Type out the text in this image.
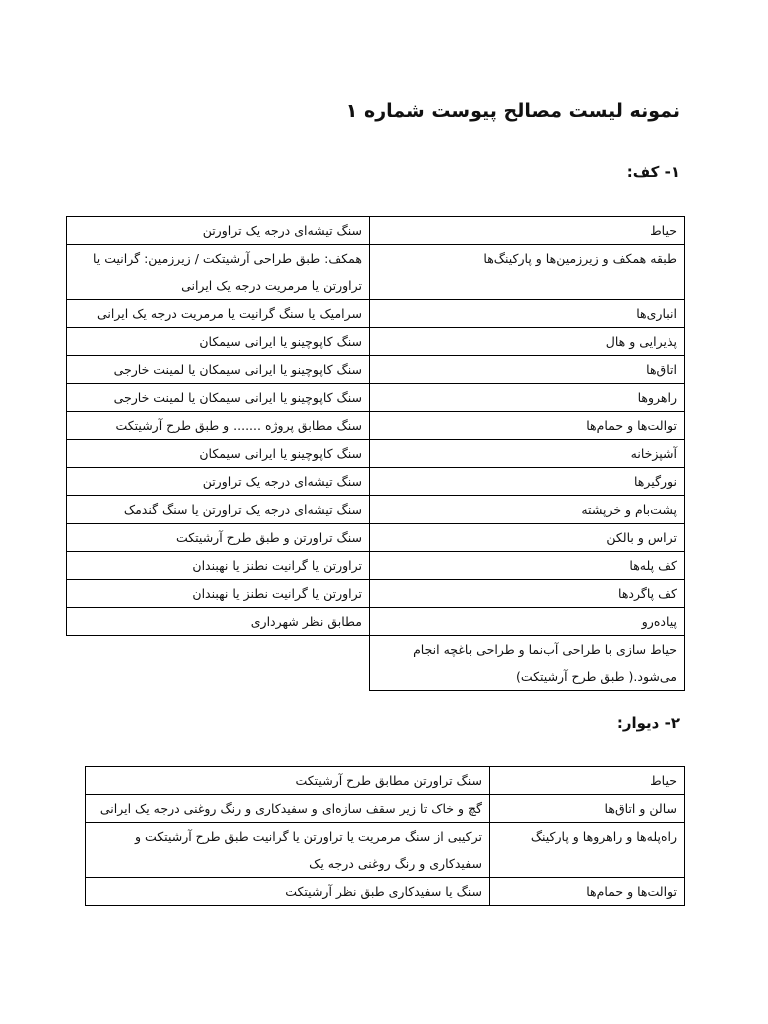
نمونه لیست مصالح پیوست شماره ۱
۱- کف:
حیاط	سنگ تیشه‌ای درجه یک تراورتن
طبقه همکف و زیرزمین‌ها و پارکینگ‌ها	همکف: طبق طراحی آرشیتکت / زیرزمین: گرانیت یا تراورتن یا مرمریت درجه یک ایرانی
انباری‌ها	سرامیک یا سنگ گرانیت یا مرمریت درجه یک ایرانی
پذیرایی و هال	سنگ کاپوچینو یا ایرانی سیمکان
اتاق‌ها	سنگ کاپوچینو یا ایرانی سیمکان یا لمینت خارجی
راهروها	سنگ کاپوچینو یا ایرانی سیمکان یا لمینت خارجی
توالت‌ها و حمام‌ها	سنگ مطابق پروژه ....... و طبق طرح آرشیتکت
آشپزخانه	سنگ کاپوچینو یا ایرانی سیمکان
نورگیرها	سنگ تیشه‌ای درجه یک تراورتن
پشت‌بام و خرپشته	سنگ تیشه‌ای درجه یک تراورتن یا سنگ گندمک
تراس و بالکن	سنگ تراورتن و طبق طرح آرشیتکت
کف پله‌ها	تراورتن یا گرانیت نطنز یا نهبندان
کف پاگردها	تراورتن یا گرانیت نطنز یا نهبندان
پیاده‌رو	مطابق نظر شهرداری
حیاط سازی با طراحی آب‌نما و طراحی باغچه انجام می‌شود.( طبق طرح آرشیتکت)	
۲- دیوار:
حیاط	سنگ تراورتن مطابق طرح آرشیتکت
سالن و اتاق‌ها	گچ و خاک تا زیر سقف سازه‌ای و سفیدکاری و رنگ روغنی درجه یک ایرانی
راه‌پله‌ها و راهروها و پارکینگ	ترکیبی از سنگ مرمریت یا تراورتن یا گرانیت طبق طرح آرشیتکت و سفیدکاری و رنگ روغنی درجه یک
توالت‌ها و حمام‌ها	سنگ یا سفیدکاری طبق نظر آرشیتکت
